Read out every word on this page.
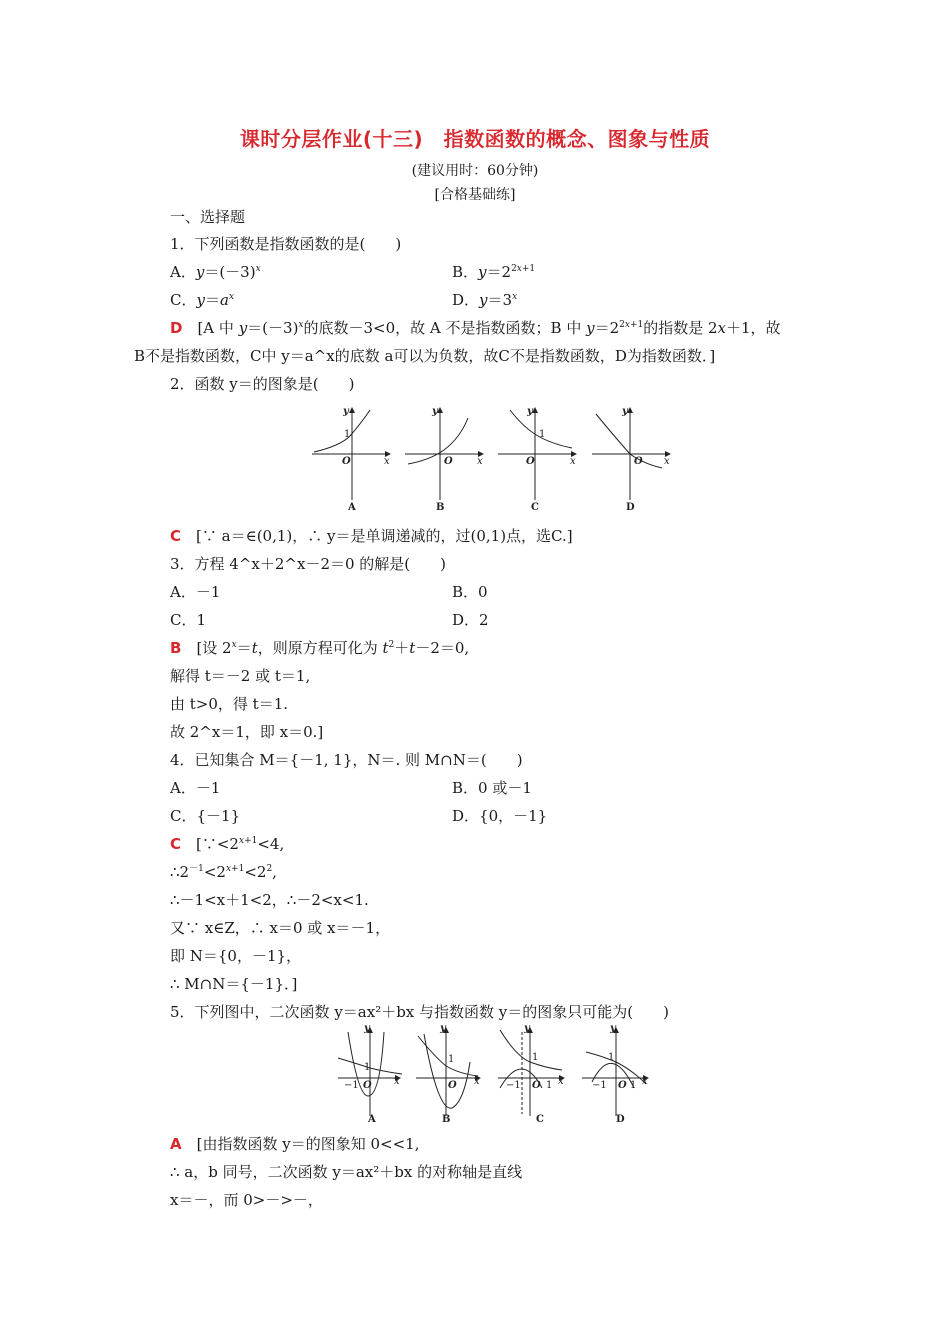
课时分层作业(十三)　指数函数的概念、图象与性质
(建议用时：60分钟)
[合格基础练]
一、选择题
1．下列函数是指数函数的是(　　)
A．$y=(-3)^x$	B．$y=2^{2x+1}$
C．$y=a^x$	D．$y=3^x$
D　[A 中 $y=(-3)^x$的底数－3<0，故 A 不是指数函数；B 中 $y=2^{2x+1}$的指数是 2x＋1，故
B不是指数函数，C中 y＝a^x的底数 a可以为负数，故C不是指数函数，D为指数函数．]
2．函数 y＝的图象是(　　)
y
1
O	x
y
O x
y
1
O	x
y
O x
A	B	C	D
C　 [∵ a＝∈(0,1)，∴ y＝是单调递减的，过(0,1)点，选C.]
3．方程 4^x＋2^x－2＝0 的解是(　　)
A．－1	B．0
C．1	D．2
B　[设 $2^x=t$，则原方程可化为 $t^2+t-2=0$,
解得 t＝－2 或 t＝1,
由 t>0，得 t＝1.
故 2^x＝1，即 x＝0.]
4．已知集合 M＝{－1, 1}，N＝. 则 M∩N＝(　　)
A．－1	B．0 或－1
C．{－1}	D．{0，－1}
C　[$\because<2^{x+1}<4$,
$\therefore 2^{-1}<2^{x+1}<2^2$,
∴－1<x＋1<2，∴－2<x<1.
又∵ x∈Z，∴ x＝0 或 x＝－1，
即 N＝{0，－1}，
∴ M∩N＝{－1}．]
5．下列图中，二次函数 y＝ax²＋bx 与指数函数 y＝的图象只可能为(　　)
y
1
−1 O x
y
1
O x
y
1
−1 O 1 x
y
1
−1 O 1 x
A	B	C	D
A　 [由指数函数 y＝的图象知 0<<1,
∴ a，b 同号，二次函数 y＝ax²＋bx 的对称轴是直线
x＝－，而 0>－>－，
